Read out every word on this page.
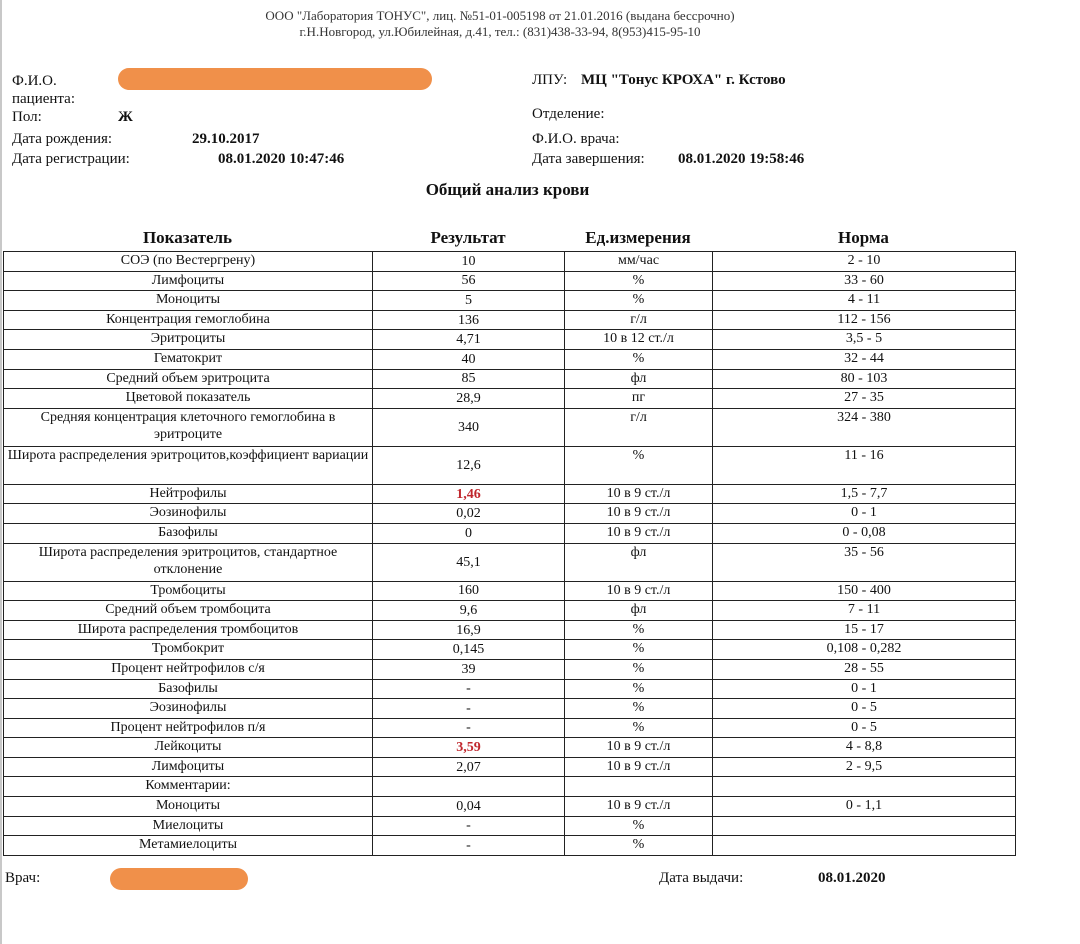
ООО "Лаборатория ТОНУС", лиц. №51-01-005198 от 21.01.2016 (выдана бессрочно)
г.Н.Новгород, ул.Юбилейная, д.41, тел.: (831)438-33-94, 8(953)415-95-10
Ф.И.О. пациента:
Пол:	Ж
Дата рождения:	29.10.2017
Дата регистрации:	08.01.2020 10:47:46
ЛПУ: МЦ "Тонус КРОХА" г. Кстово
Отделение:
Ф.И.О. врача:
Дата завершения: 08.01.2020 19:58:46
Общий анализ крови
Показатель	Результат	Ед.измерения	Норма
СОЭ (по Вестергрену)	10	мм/час	2 - 10
Лимфоциты	56	%	33 - 60
Моноциты	5	%	4 - 11
Концентрация гемоглобина	136	г/л	112 - 156
Эритроциты	4,71	10 в 12 ст./л	3,5 - 5
Гематокрит	40	%	32 - 44
Средний объем эритроцита	85	фл	80 - 103
Цветовой показатель	28,9	пг	27 - 35
Средняя концентрация клеточного гемоглобина в эритроците	340	г/л	324 - 380
Широта распределения эритроцитов,коэффициент вариации	12,6	%	11 - 16
Нейтрофилы	1,46	10 в 9 ст./л	1,5 - 7,7
Эозинофилы	0,02	10 в 9 ст./л	0 - 1
Базофилы	0	10 в 9 ст./л	0 - 0,08
Широта распределения эритроцитов, стандартное отклонение	45,1	фл	35 - 56
Тромбоциты	160	10 в 9 ст./л	150 - 400
Средний объем тромбоцита	9,6	фл	7 - 11
Широта распределения тромбоцитов	16,9	%	15 - 17
Тромбокрит	0,145	%	0,108 - 0,282
Процент нейтрофилов с/я	39	%	28 - 55
Базофилы	-	%	0 - 1
Эозинофилы	-	%	0 - 5
Процент нейтрофилов п/я	-	%	0 - 5
Лейкоциты	3,59	10 в 9 ст./л	4 - 8,8
Лимфоциты	2,07	10 в 9 ст./л	2 - 9,5
Комментарии:			
Моноциты	0,04	10 в 9 ст./л	0 - 1,1
Миелоциты	-	%	
Метамиелоциты	-	%	
Врач:	Дата выдачи:	08.01.2020
